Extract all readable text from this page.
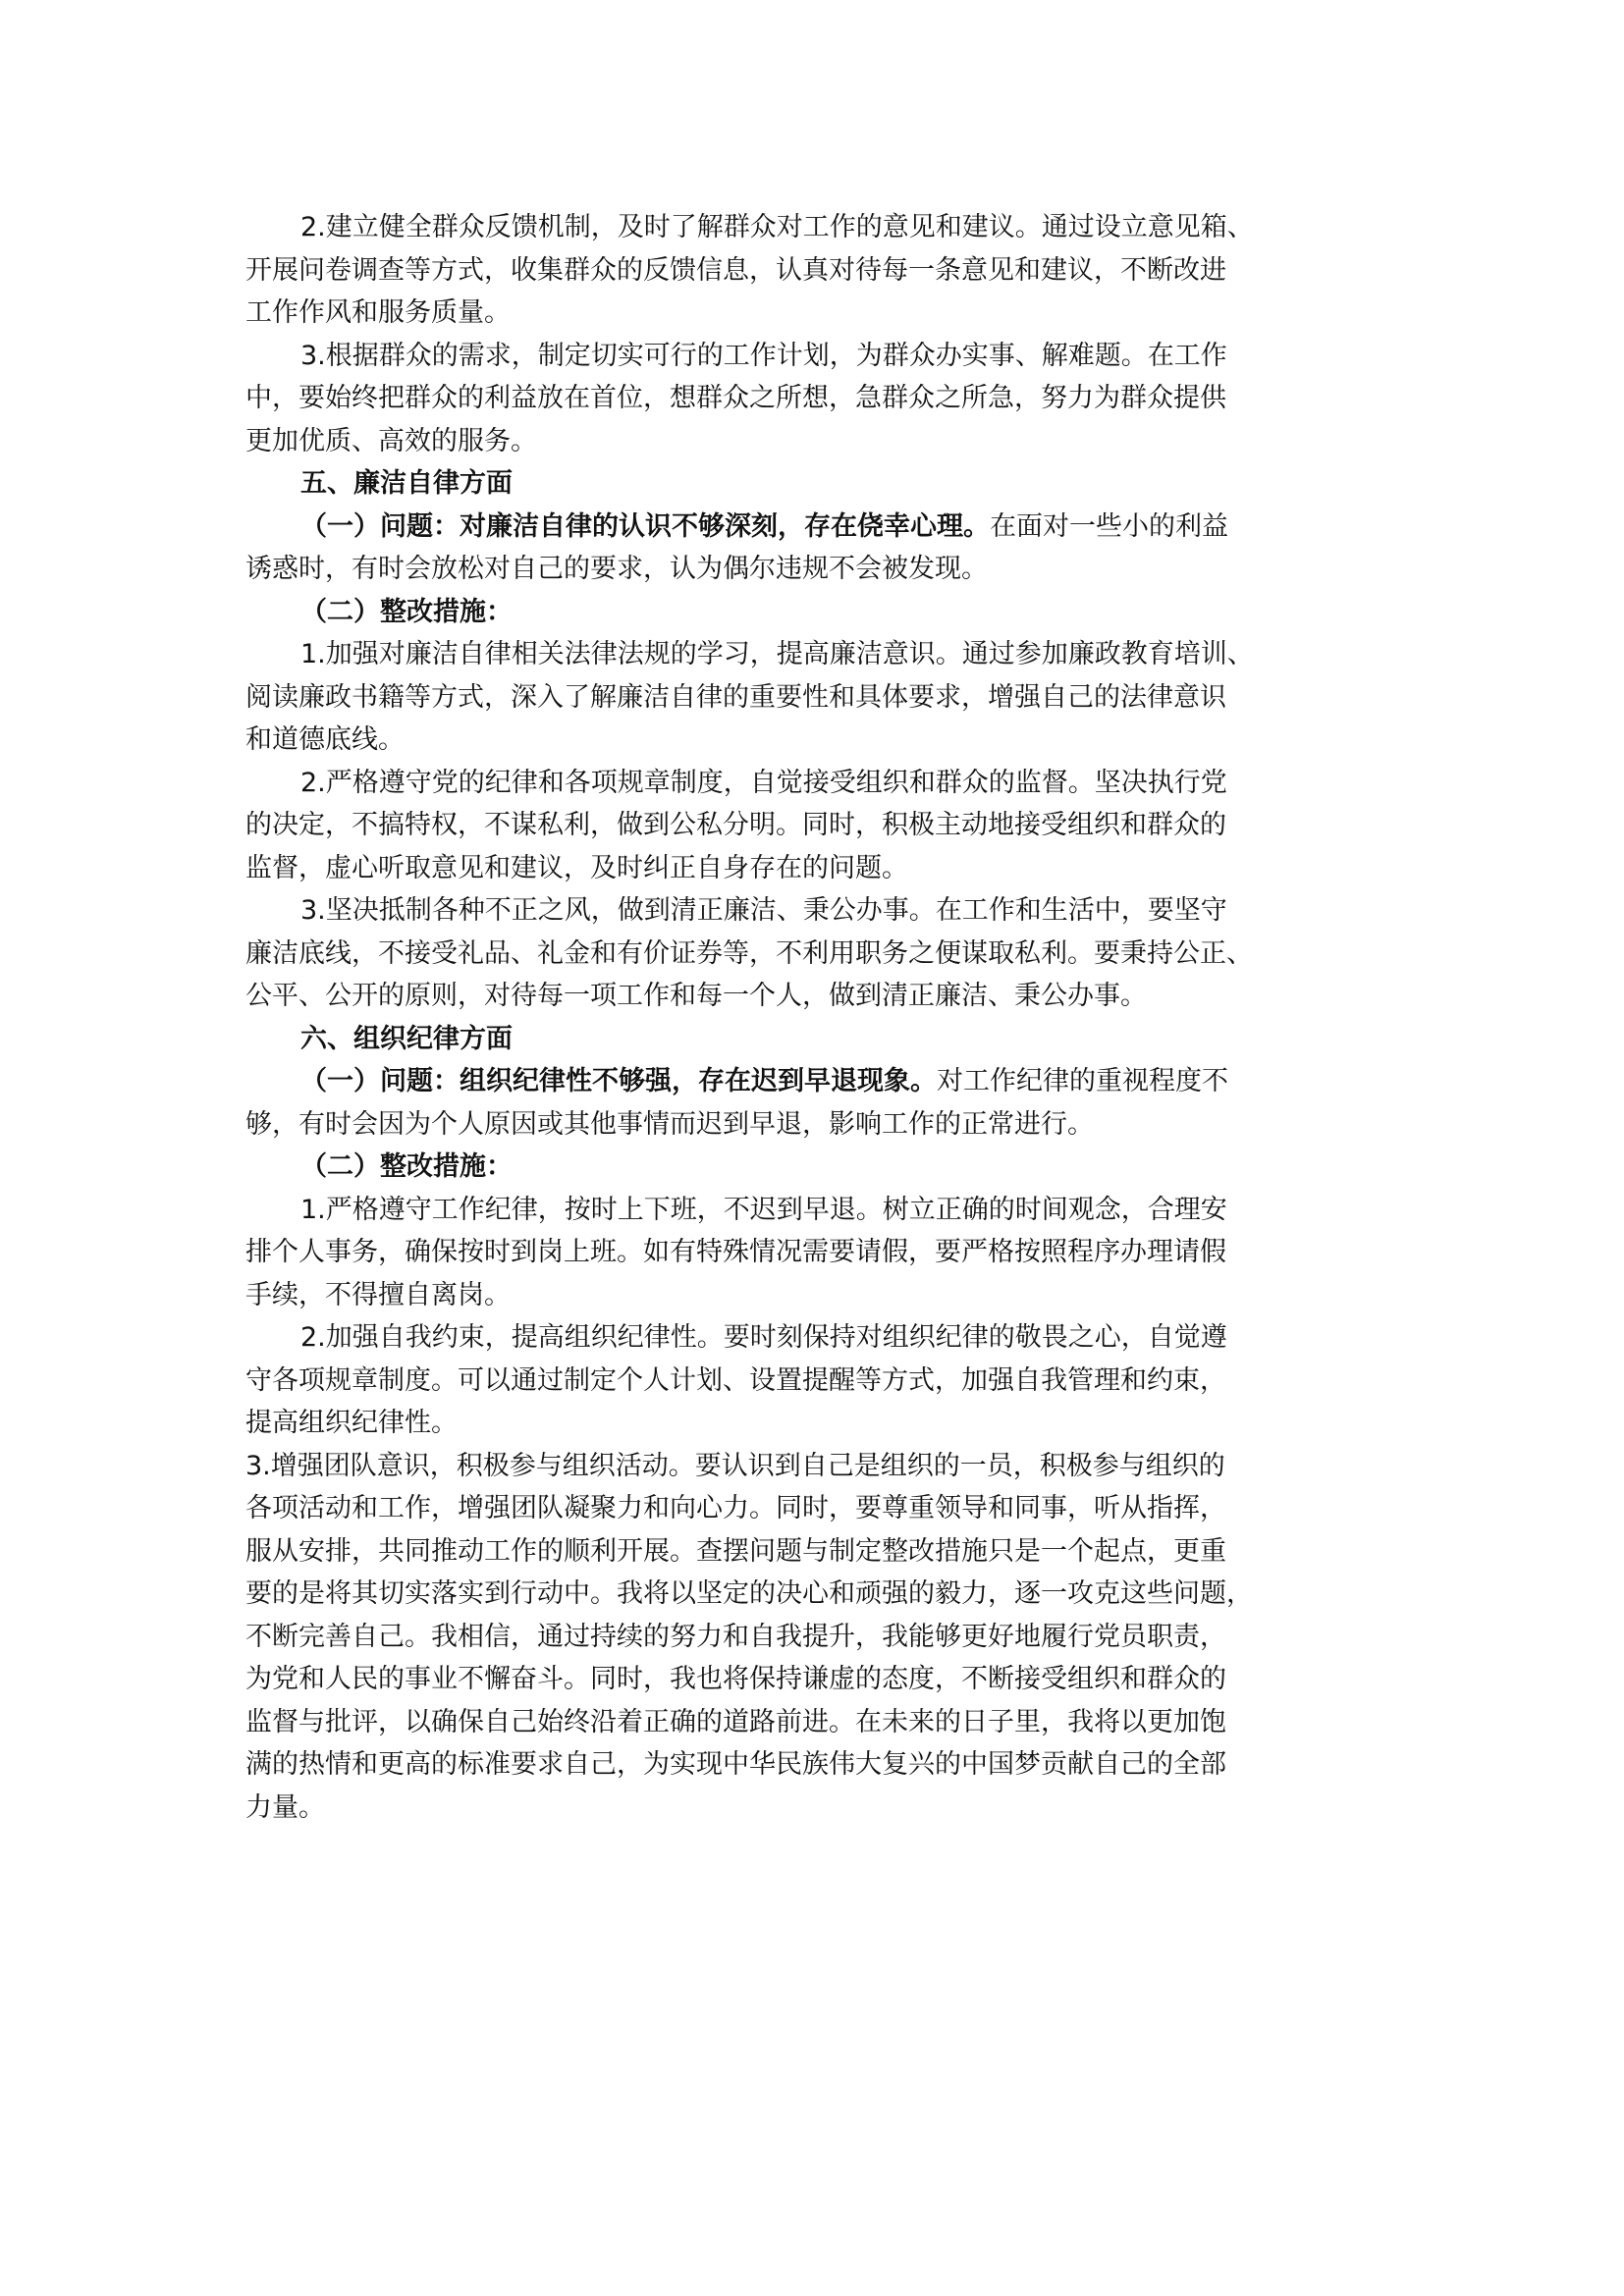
2.建立健全群众反馈机制，及时了解群众对工作的意见和建议。通过设立意见箱、
开展问卷调查等方式，收集群众的反馈信息，认真对待每一条意见和建议，不断改进
工作作风和服务质量。

3.根据群众的需求，制定切实可行的工作计划，为群众办实事、解难题。在工作
中，要始终把群众的利益放在首位，想群众之所想，急群众之所急，努力为群众提供
更加优质、高效的服务。

五、廉洁自律方面

（一）问题：对廉洁自律的认识不够深刻，存在侥幸心理。在面对一些小的利益
诱惑时，有时会放松对自己的要求，认为偶尔违规不会被发现。

（二）整改措施：

1.加强对廉洁自律相关法律法规的学习，提高廉洁意识。通过参加廉政教育培训、
阅读廉政书籍等方式，深入了解廉洁自律的重要性和具体要求，增强自己的法律意识
和道德底线。

2.严格遵守党的纪律和各项规章制度，自觉接受组织和群众的监督。坚决执行党
的决定，不搞特权，不谋私利，做到公私分明。同时，积极主动地接受组织和群众的
监督，虚心听取意见和建议，及时纠正自身存在的问题。

3.坚决抵制各种不正之风，做到清正廉洁、秉公办事。在工作和生活中，要坚守
廉洁底线，不接受礼品、礼金和有价证券等，不利用职务之便谋取私利。要秉持公正、
公平、公开的原则，对待每一项工作和每一个人，做到清正廉洁、秉公办事。

六、组织纪律方面

（一）问题：组织纪律性不够强，存在迟到早退现象。对工作纪律的重视程度不
够，有时会因为个人原因或其他事情而迟到早退，影响工作的正常进行。

（二）整改措施：

1.严格遵守工作纪律，按时上下班，不迟到早退。树立正确的时间观念，合理安
排个人事务，确保按时到岗上班。如有特殊情况需要请假，要严格按照程序办理请假
手续，不得擅自离岗。

2.加强自我约束，提高组织纪律性。要时刻保持对组织纪律的敬畏之心，自觉遵
守各项规章制度。可以通过制定个人计划、设置提醒等方式，加强自我管理和约束，
提高组织纪律性。

3.增强团队意识，积极参与组织活动。要认识到自己是组织的一员，积极参与组织的
各项活动和工作，增强团队凝聚力和向心力。同时，要尊重领导和同事，听从指挥，
服从安排，共同推动工作的顺利开展。查摆问题与制定整改措施只是一个起点，更重
要的是将其切实落实到行动中。我将以坚定的决心和顽强的毅力，逐一攻克这些问题，
不断完善自己。我相信，通过持续的努力和自我提升，我能够更好地履行党员职责，
为党和人民的事业不懈奋斗。同时，我也将保持谦虚的态度，不断接受组织和群众的
监督与批评，以确保自己始终沿着正确的道路前进。在未来的日子里，我将以更加饱
满的热情和更高的标准要求自己，为实现中华民族伟大复兴的中国梦贡献自己的全部
力量。
